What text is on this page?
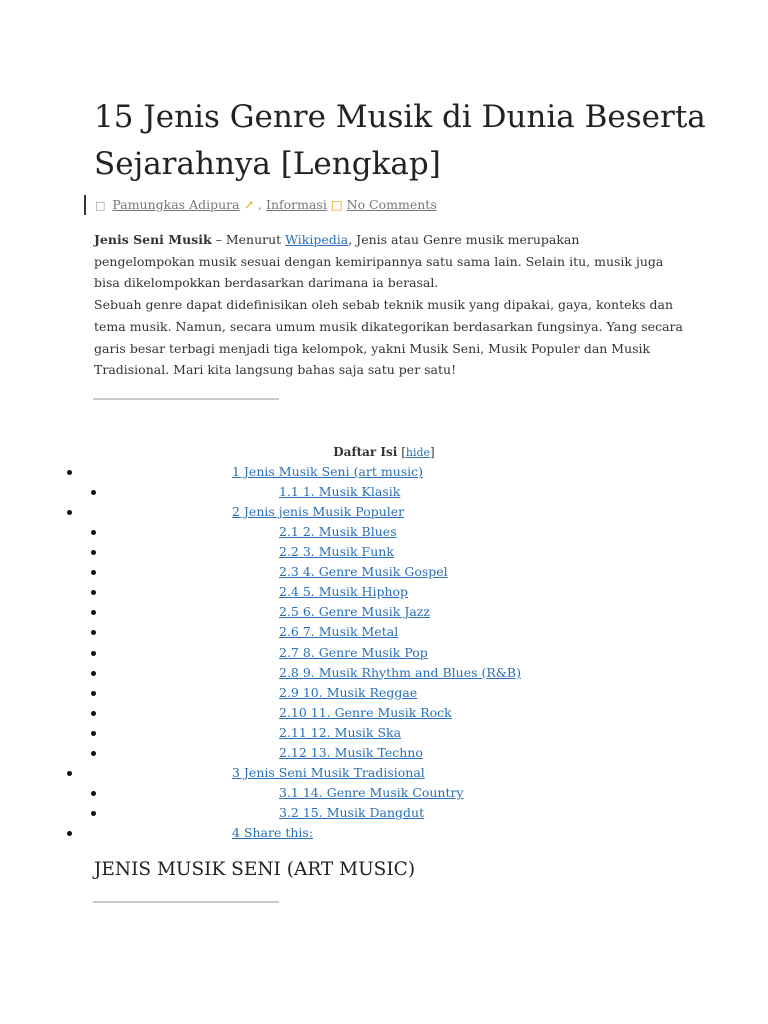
15 Jenis Genre Musik di Dunia Beserta Sejarahnya [Lengkap]
□ Pamungkas Adipura ↗ , Informasi □ No Comments

Jenis Seni Musik – Menurut Wikipedia, Jenis atau Genre musik merupakan pengelompokan musik sesuai dengan kemiripannya satu sama lain. Selain itu, musik juga bisa dikelompokkan berdasarkan darimana ia berasal.

Sebuah genre dapat didefinisikan oleh sebab teknik musik yang dipakai, gaya, konteks dan tema musik. Namun, secara umum musik dikategorikan berdasarkan fungsinya. Yang secara garis besar terbagi menjadi tiga kelompok, yakni Musik Seni, Musik Populer dan Musik Tradisional. Mari kita langsung bahas saja satu per satu!

Daftar Isi [hide]
1 Jenis Musik Seni (art music)
1.1 1. Musik Klasik
2 Jenis jenis Musik Populer
2.1 2. Musik Blues
2.2 3. Musik Funk
2.3 4. Genre Musik Gospel
2.4 5. Musik Hiphop
2.5 6. Genre Musik Jazz
2.6 7. Musik Metal
2.7 8. Genre Musik Pop
2.8 9. Musik Rhythm and Blues (R&B)
2.9 10. Musik Reggae
2.10 11. Genre Musik Rock
2.11 12. Musik Ska
2.12 13. Musik Techno
3 Jenis Seni Musik Tradisional
3.1 14. Genre Musik Country
3.2 15. Musik Dangdut
4 Share this:
JENIS MUSIK SENI (ART MUSIC)
